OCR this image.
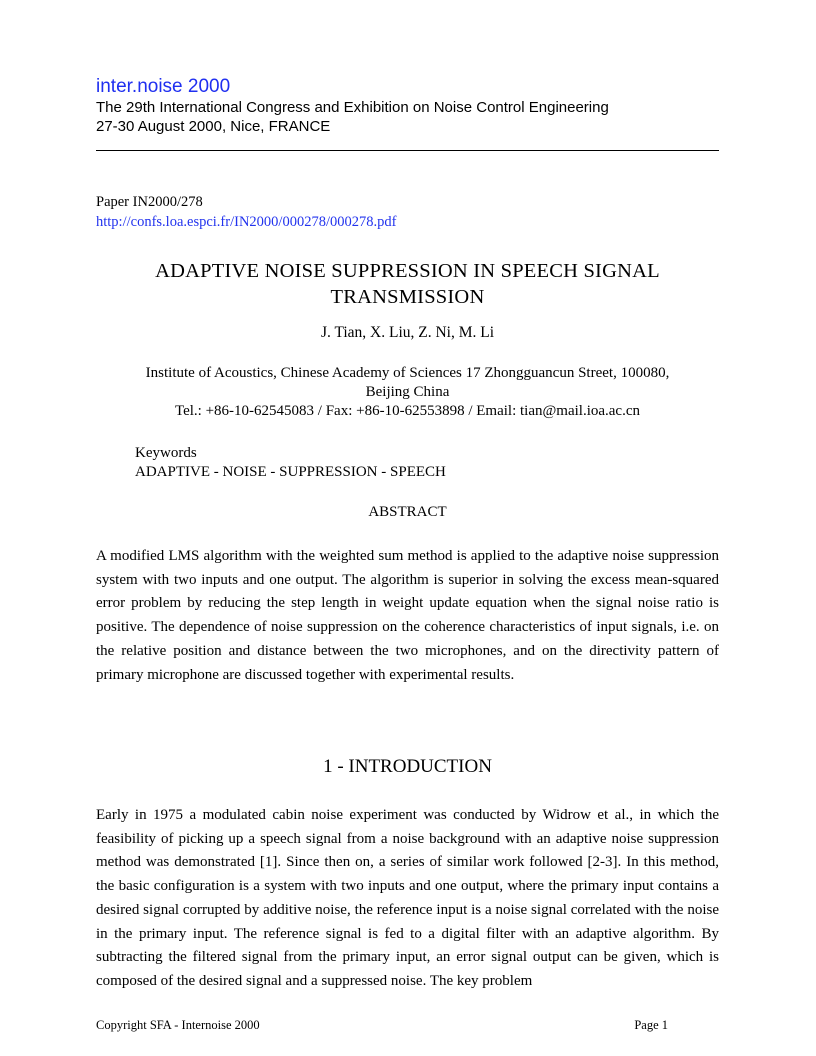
inter.noise 2000
The 29th International Congress and Exhibition on Noise Control Engineering
27-30 August 2000, Nice, FRANCE
Paper IN2000/278
http://confs.loa.espci.fr/IN2000/000278/000278.pdf
ADAPTIVE NOISE SUPPRESSION IN SPEECH SIGNAL
TRANSMISSION
J. Tian, X. Liu, Z. Ni, M. Li
Institute of Acoustics, Chinese Academy of Sciences 17 Zhongguancun Street, 100080,
Beijing China
Tel.: +86-10-62545083 / Fax: +86-10-62553898 / Email: tian@mail.ioa.ac.cn
Keywords
ADAPTIVE - NOISE - SUPPRESSION - SPEECH
ABSTRACT
A modified LMS algorithm with the weighted sum method is applied to the adaptive noise suppression system with two inputs and one output. The algorithm is superior in solving the excess mean-squared error problem by reducing the step length in weight update equation when the signal noise ratio is positive. The dependence of noise suppression on the coherence characteristics of input signals, i.e. on the relative position and distance between the two microphones, and on the directivity pattern of primary microphone are discussed together with experimental results.
1 - INTRODUCTION
Early in 1975 a modulated cabin noise experiment was conducted by Widrow et al., in which the feasibility of picking up a speech signal from a noise background with an adaptive noise suppression method was demonstrated [1]. Since then on, a series of similar work followed [2-3]. In this method, the basic configuration is a system with two inputs and one output, where the primary input contains a desired signal corrupted by additive noise, the reference input is a noise signal correlated with the noise in the primary input. The reference signal is fed to a digital filter with an adaptive algorithm. By subtracting the filtered signal from the primary input, an error signal output can be given, which is composed of the desired signal and a suppressed noise. The key problem
Copyright SFA - Internoise 2000	Page 1
